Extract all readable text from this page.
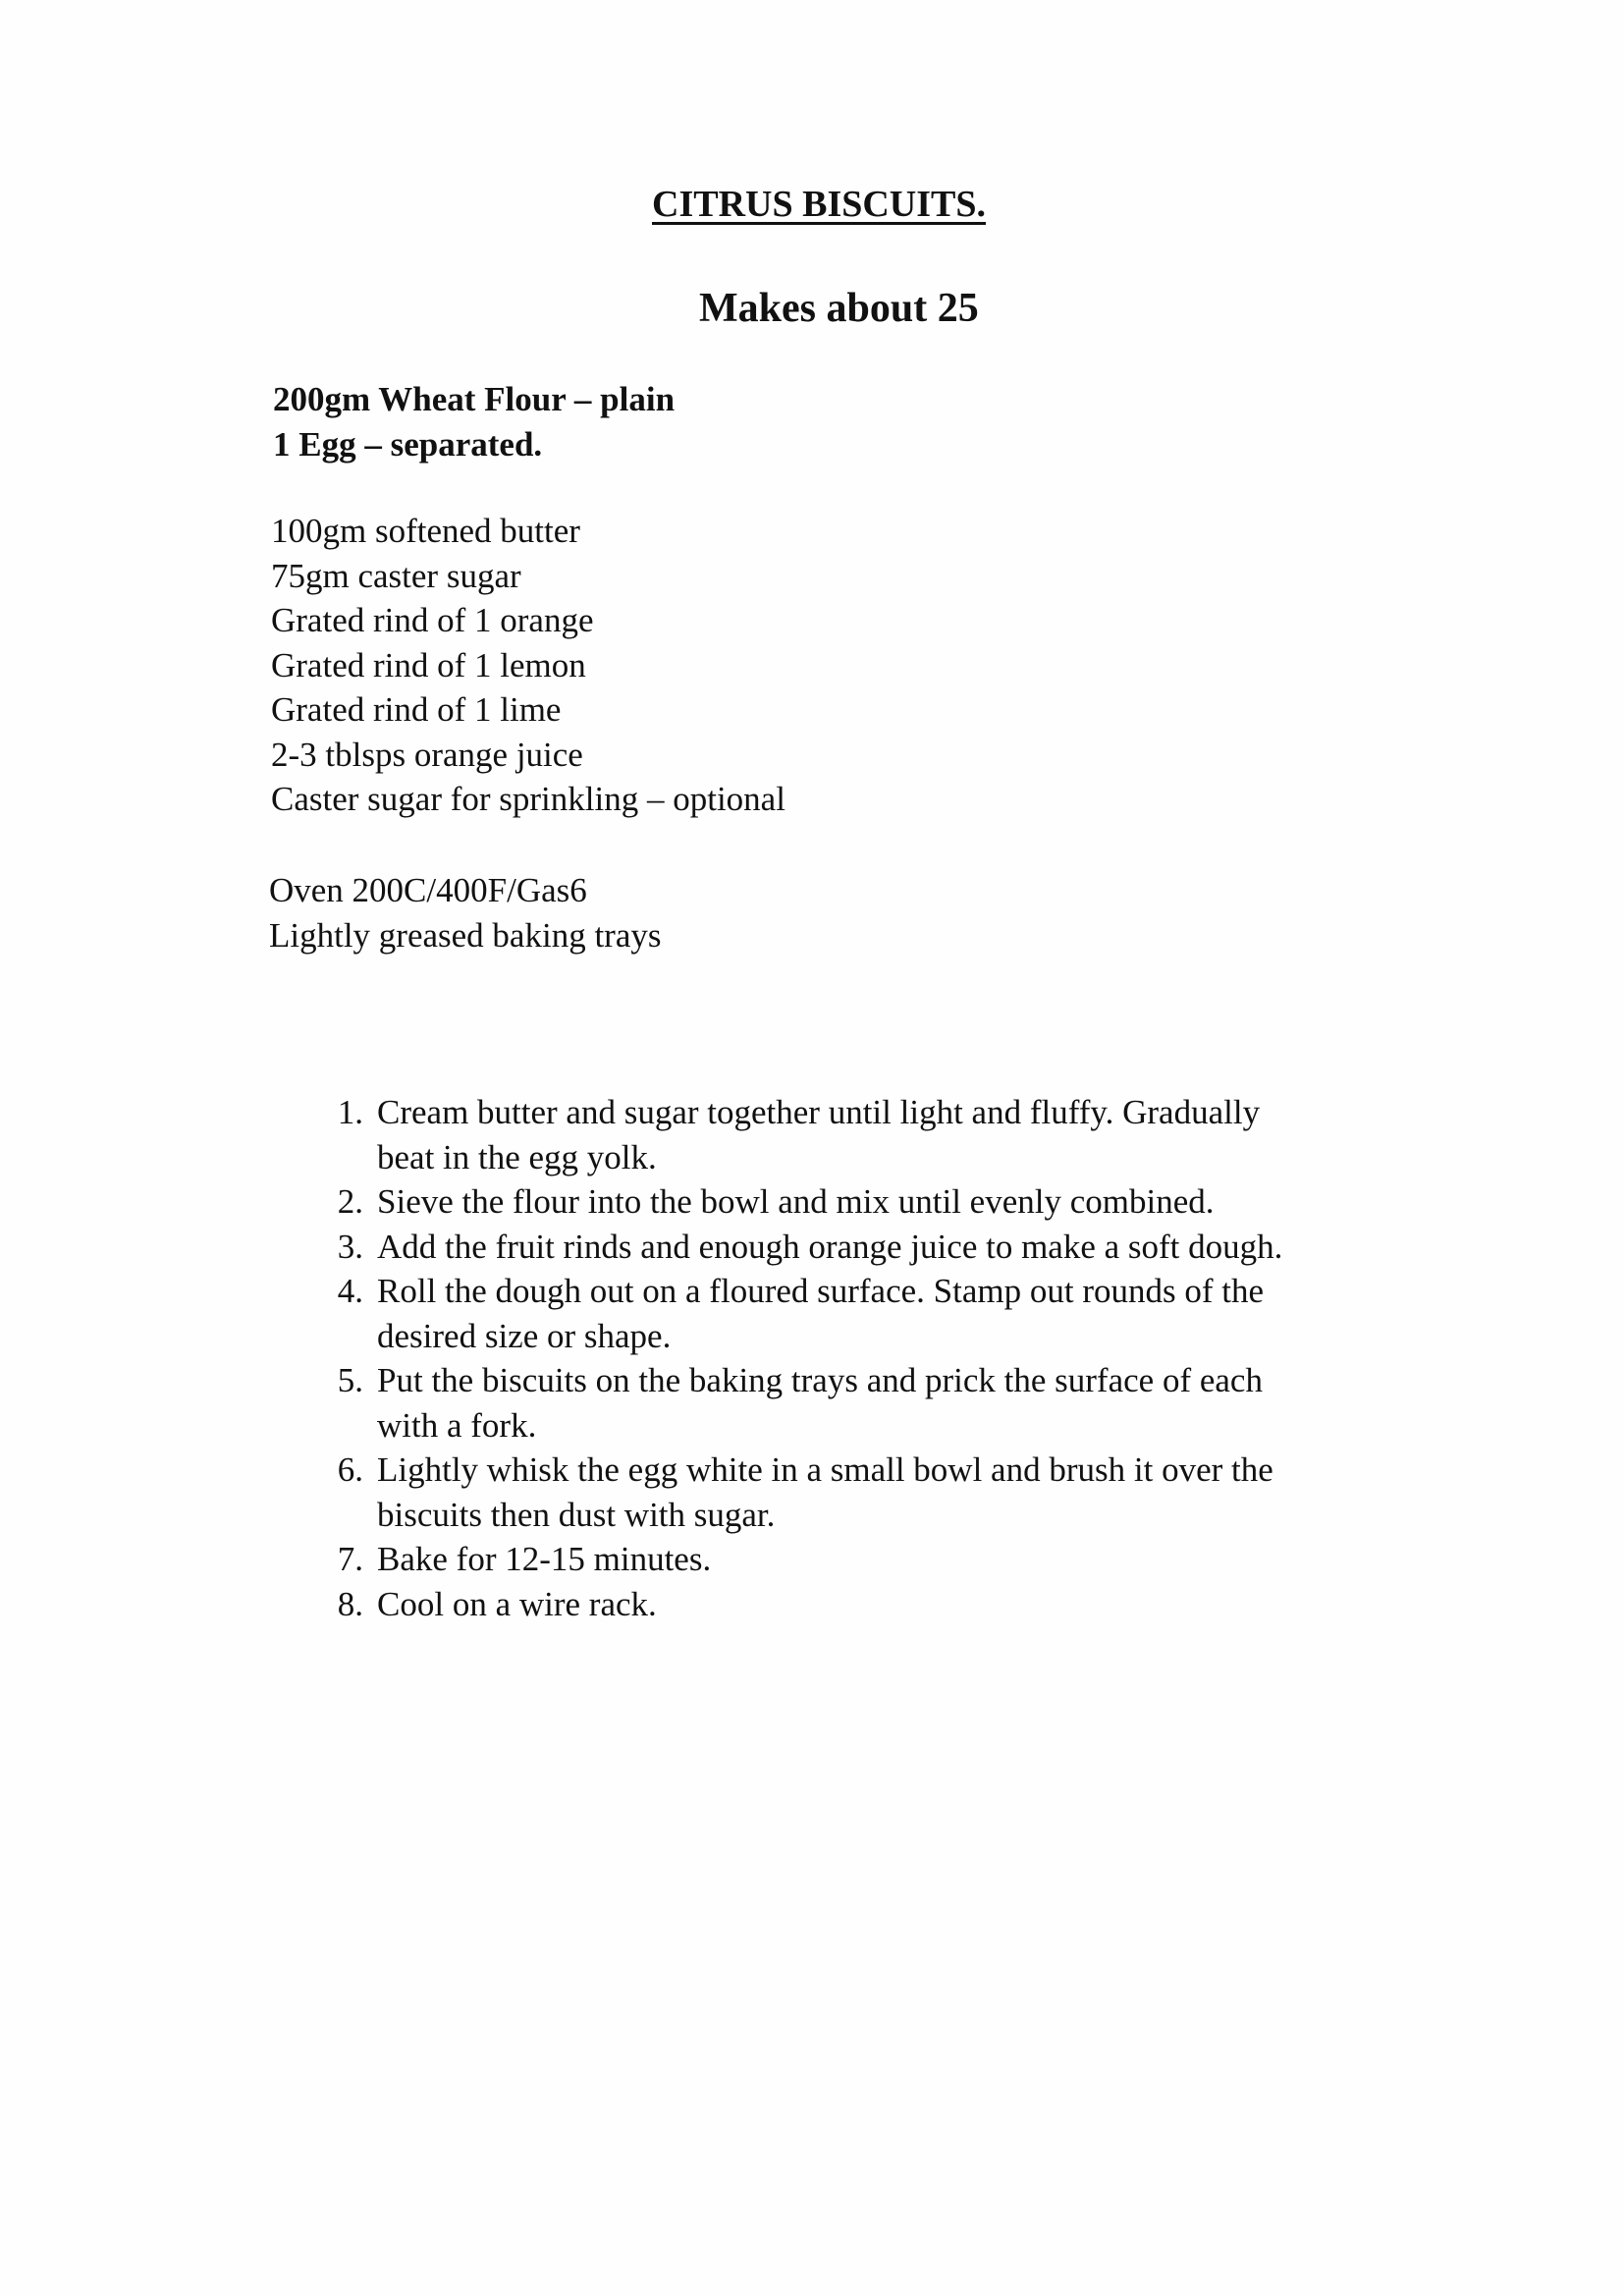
CITRUS BISCUITS.
Makes about 25
200gm Wheat Flour – plain
1 Egg – separated.
100gm softened butter
75gm caster sugar
Grated rind of 1 orange
Grated rind of 1 lemon
Grated rind of 1 lime
2-3 tblsps orange juice
Caster sugar for sprinkling – optional
Oven 200C/400F/Gas6
Lightly greased baking trays
1. Cream butter and sugar together until light and fluffy. Gradually
beat in the egg yolk.
2. Sieve the flour into the bowl and mix until evenly combined.
3. Add the fruit rinds and enough orange juice to make a soft dough.
4. Roll the dough out on a floured surface. Stamp out rounds of the
desired size or shape.
5. Put the biscuits on the baking trays and prick the surface of each
with a fork.
6. Lightly whisk the egg white in a small bowl and brush it over the
biscuits then dust with sugar.
7. Bake for 12-15 minutes.
8. Cool on a wire rack.
